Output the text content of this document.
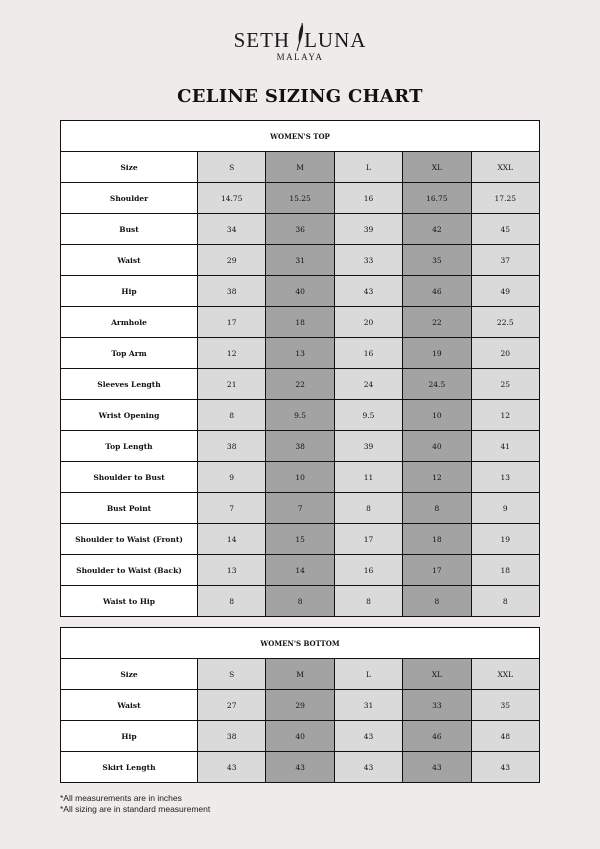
SETH LUNA
MALAYA
CELINE SIZING CHART
WOMEN'S TOP					
Size	S	M	L	XL	XXL
Shoulder	14.75	15.25	16	16.75	17.25
Bust	34	36	39	42	45
Waist	29	31	33	35	37
Hip	38	40	43	46	49
Armhole	17	18	20	22	22.5
Top Arm	12	13	16	19	20
Sleeves Length	21	22	24	24.5	25
Wrist Opening	8	9.5	9.5	10	12
Top Length	38	38	39	40	41
Shoulder to Bust	9	10	11	12	13
Bust Point	7	7	8	8	9
Shoulder to Waist (Front)	14	15	17	18	19
Shoulder to Waist (Back)	13	14	16	17	18
Waist to Hip	8	8	8	8	8
WOMEN'S BOTTOM					
Size	S	M	L	XL	XXL
Waist	27	29	31	33	35
Hip	38	40	43	46	48
Skirt Length	43	43	43	43	43
*All measurements are in inches
*All sizing are in standard measurement
